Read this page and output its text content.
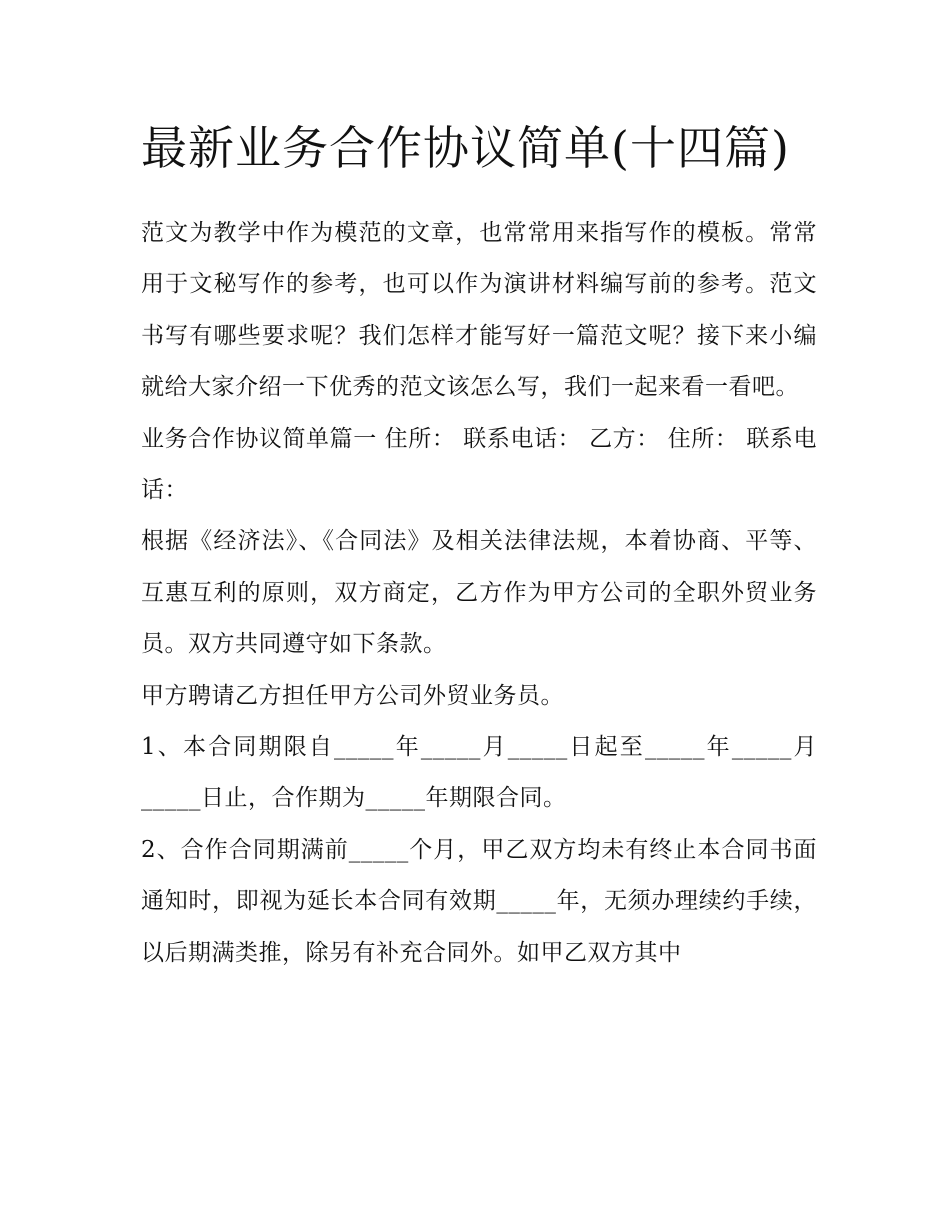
最新业务合作协议简单(十四篇)

范文为教学中作为模范的文章，也常常用来指写作的模板。常常用于文秘写作的参考，也可以作为演讲材料编写前的参考。范文书写有哪些要求呢？我们怎样才能写好一篇范文呢？接下来小编就给大家介绍一下优秀的范文该怎么写，我们一起来看一看吧。

业务合作协议简单篇一 住所： 联系电话： 乙方： 住所： 联系电话：

根据《经济法》、《合同法》及相关法律法规，本着协商、平等、互惠互利的原则，双方商定，乙方作为甲方公司的全职外贸业务员。双方共同遵守如下条款。

甲方聘请乙方担任甲方公司外贸业务员。

1、本合同期限自_____年_____月_____日起至_____年_____月_____日止，合作期为_____年期限合同。

2、合作合同期满前_____个月，甲乙双方均未有终止本合同书面通知时，即视为延长本合同有效期_____年，无须办理续约手续，以后期满类推，除另有补充合同外。如甲乙双方其中
